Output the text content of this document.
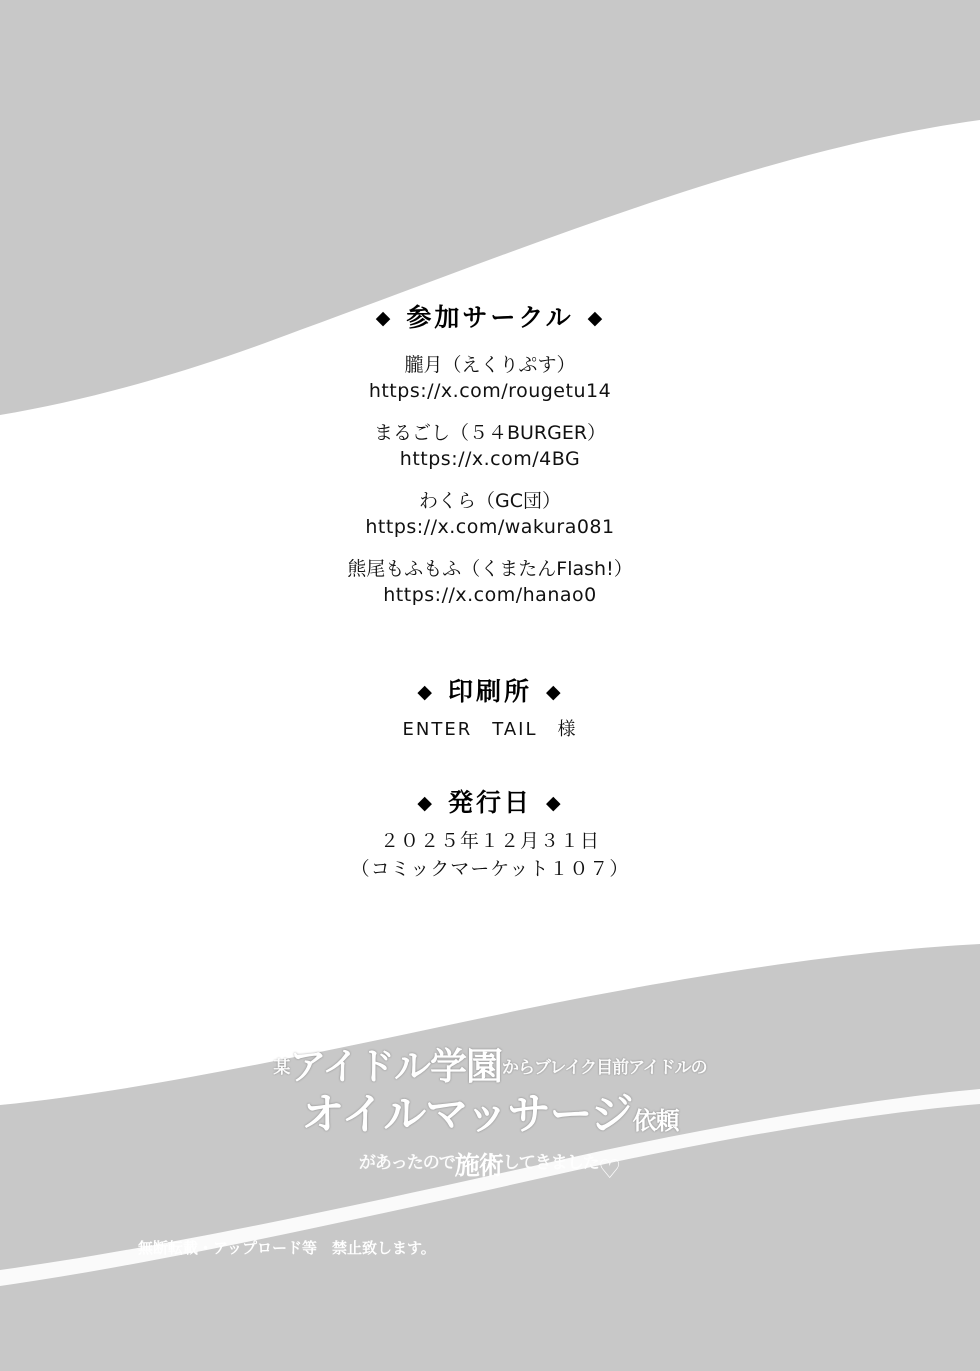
◆ 参加サークル ◆
朧月（えくりぷす）
https://x.com/rougetu14
まるごし（５４BURGER）
https://x.com/4BG
わくら（GC団）
https://x.com/wakura081
熊尾もふもふ（くまたんFlash!）
https://x.com/hanao0
◆ 印刷所 ◆
ENTER　TAIL　様
◆ 発行日 ◆
２０２５年１２月３１日
（コミックマーケット１０７）
某アイドル学園からブレイク目前アイドルの
オイルマッサージ依頼
$^{があったので}$施術$^{してきました}$♡
無断転載・アップロード等　禁止致します。
